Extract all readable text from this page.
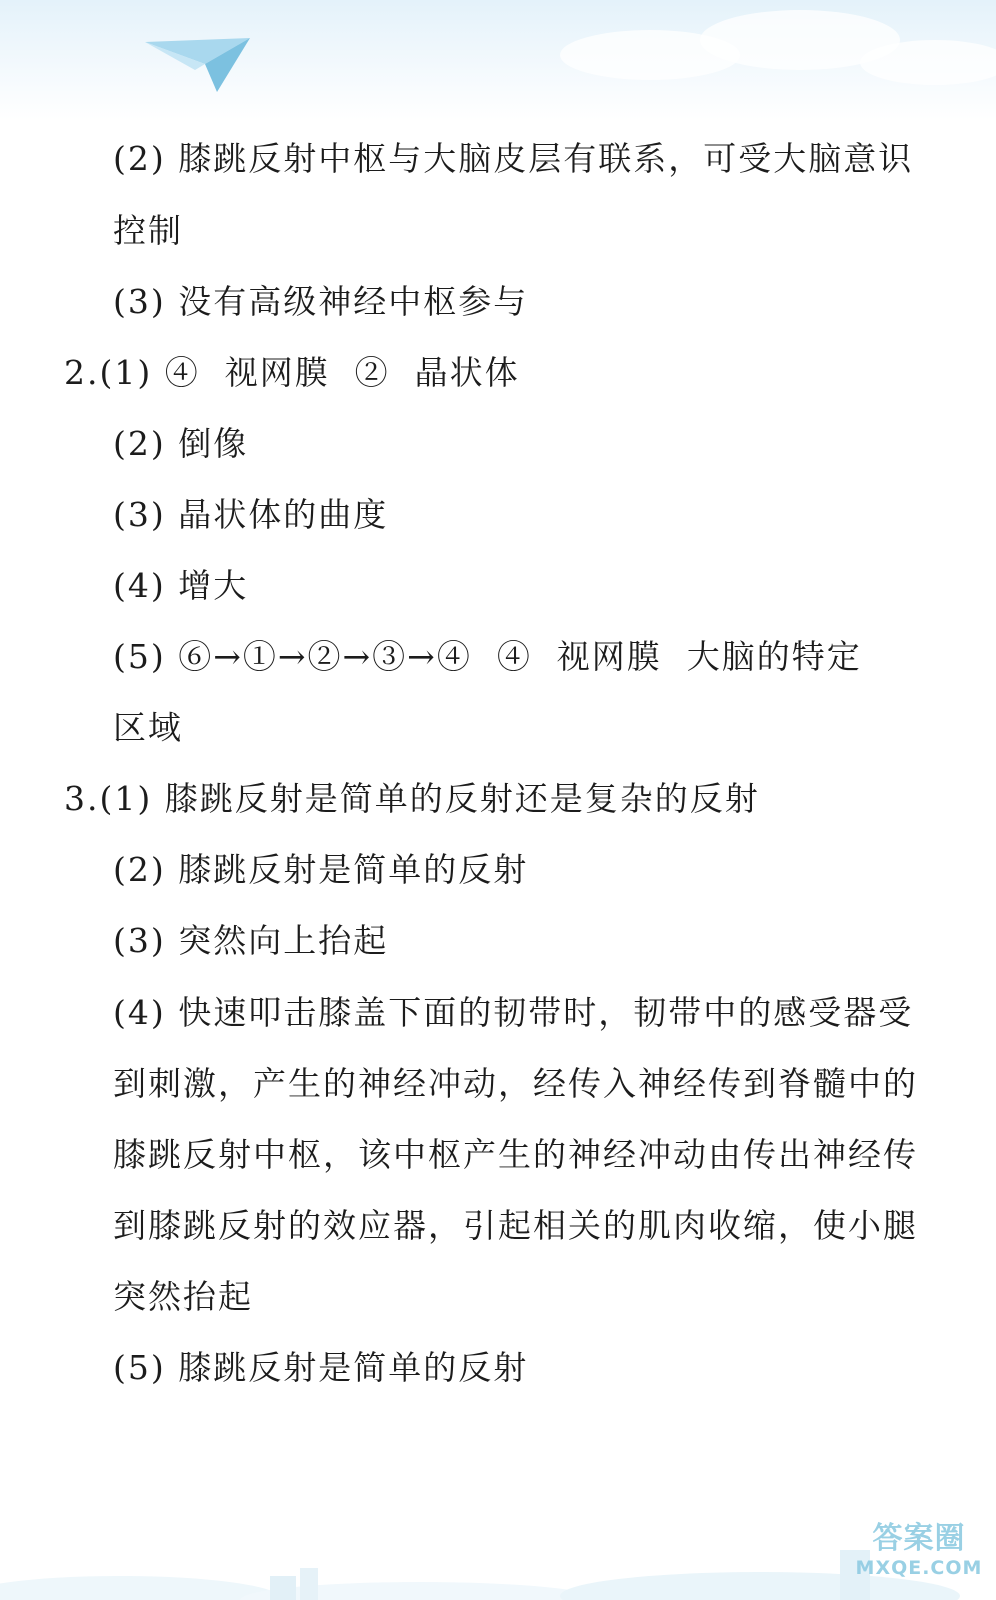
(2) 膝跳反射中枢与大脑皮层有联系，可受大脑意识
控制
(3) 没有高级神经中枢参与
2.(1) ④  视网膜  ②  晶状体
(2) 倒像
(3) 晶状体的曲度
(4) 增大
(5) ⑥→①→②→③→④  ④  视网膜  大脑的特定
区域
3.(1) 膝跳反射是简单的反射还是复杂的反射
(2) 膝跳反射是简单的反射
(3) 突然向上抬起
(4) 快速叩击膝盖下面的韧带时，韧带中的感受器受
到刺激，产生的神经冲动，经传入神经传到脊髓中的
膝跳反射中枢，该中枢产生的神经冲动由传出神经传
到膝跳反射的效应器，引起相关的肌肉收缩，使小腿
突然抬起
(5) 膝跳反射是简单的反射
答案圈
MXQE.COM
